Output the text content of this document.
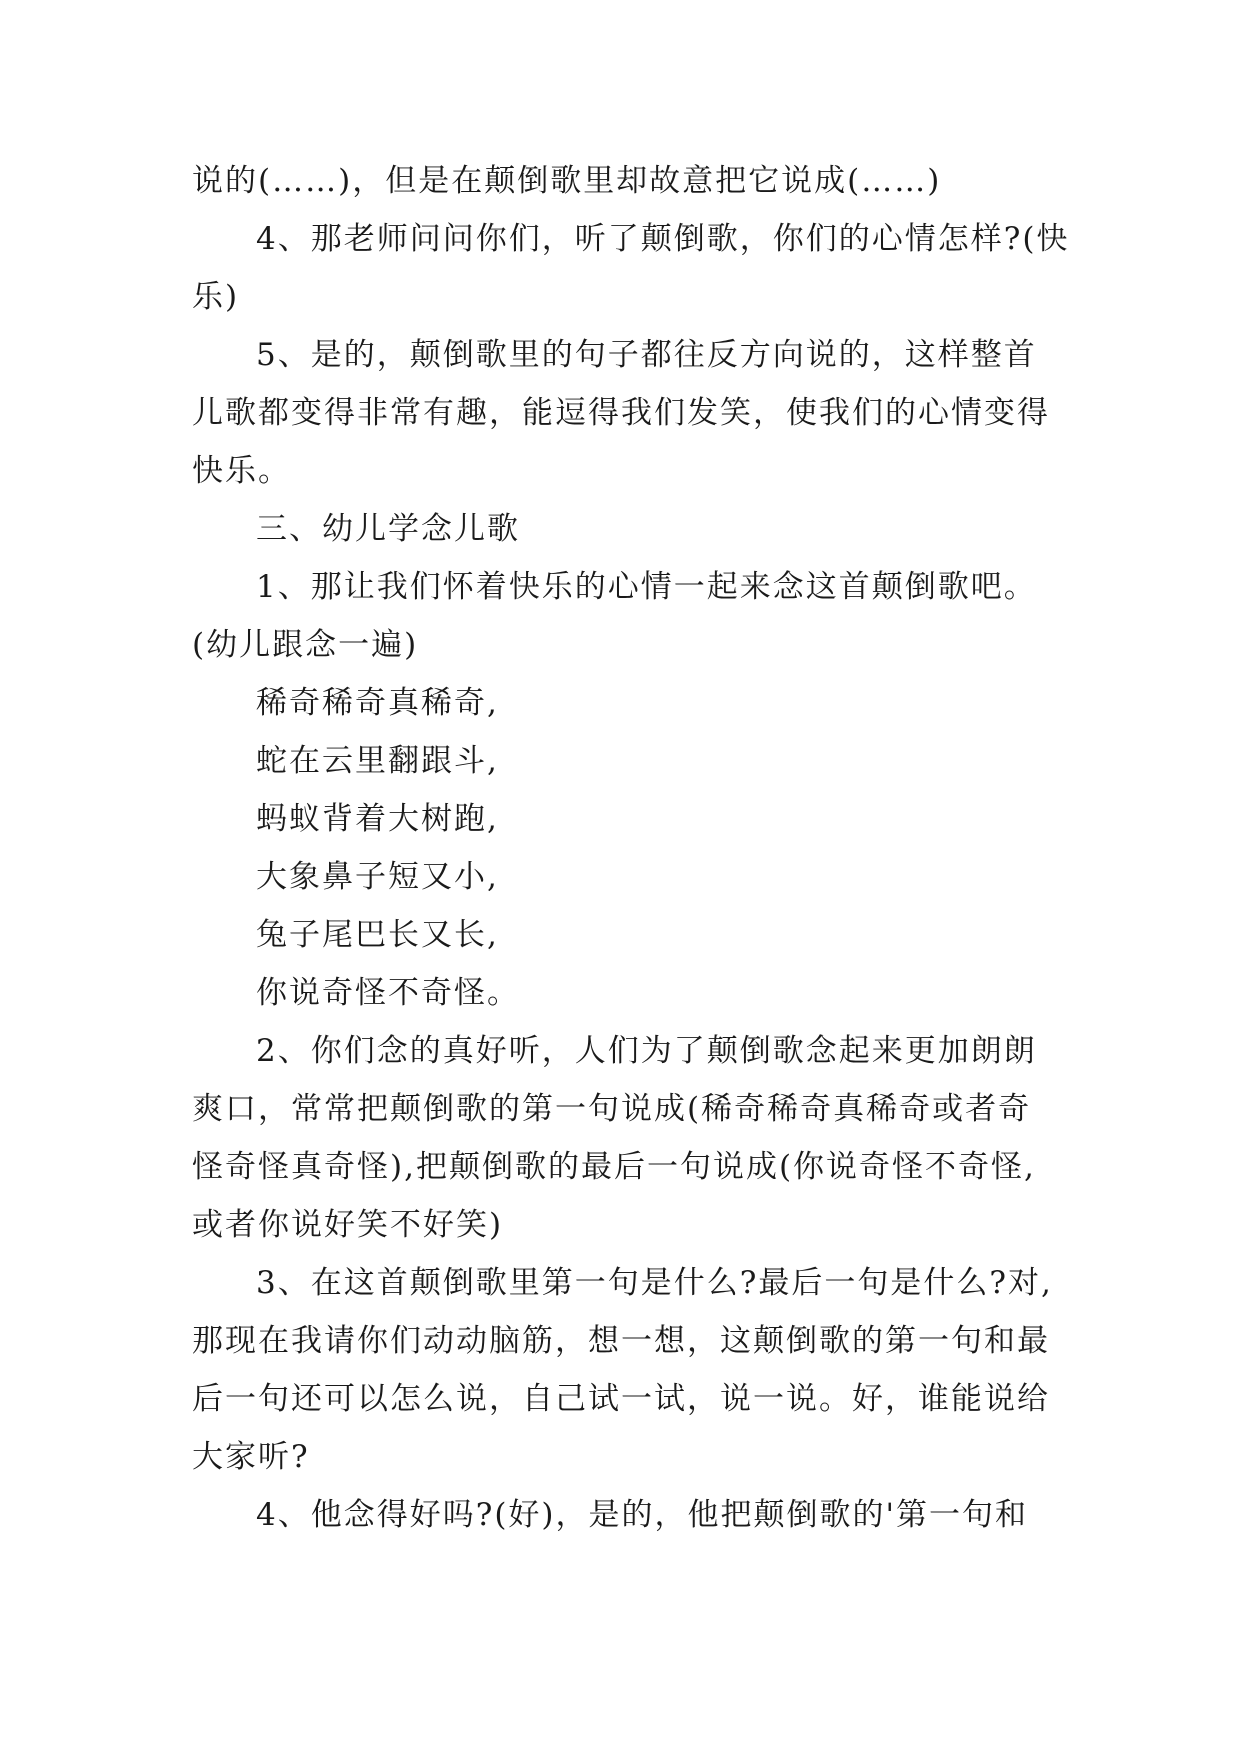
说的(……)，但是在颠倒歌里却故意把它说成(……)
4、那老师问问你们，听了颠倒歌，你们的心情怎样?(快
乐)
5、是的，颠倒歌里的句子都往反方向说的，这样整首
儿歌都变得非常有趣，能逗得我们发笑，使我们的心情变得
快乐。
三、幼儿学念儿歌
1、那让我们怀着快乐的心情一起来念这首颠倒歌吧。
(幼儿跟念一遍)
稀奇稀奇真稀奇,
蛇在云里翻跟斗,
蚂蚁背着大树跑,
大象鼻子短又小,
兔子尾巴长又长,
你说奇怪不奇怪。
2、你们念的真好听，人们为了颠倒歌念起来更加朗朗
爽口，常常把颠倒歌的第一句说成(稀奇稀奇真稀奇或者奇
怪奇怪真奇怪),把颠倒歌的最后一句说成(你说奇怪不奇怪,
或者你说好笑不好笑)
3、在这首颠倒歌里第一句是什么?最后一句是什么?对,
那现在我请你们动动脑筋，想一想，这颠倒歌的第一句和最
后一句还可以怎么说，自己试一试，说一说。好，谁能说给
大家听?
4、他念得好吗?(好)，是的，他把颠倒歌的'第一句和
